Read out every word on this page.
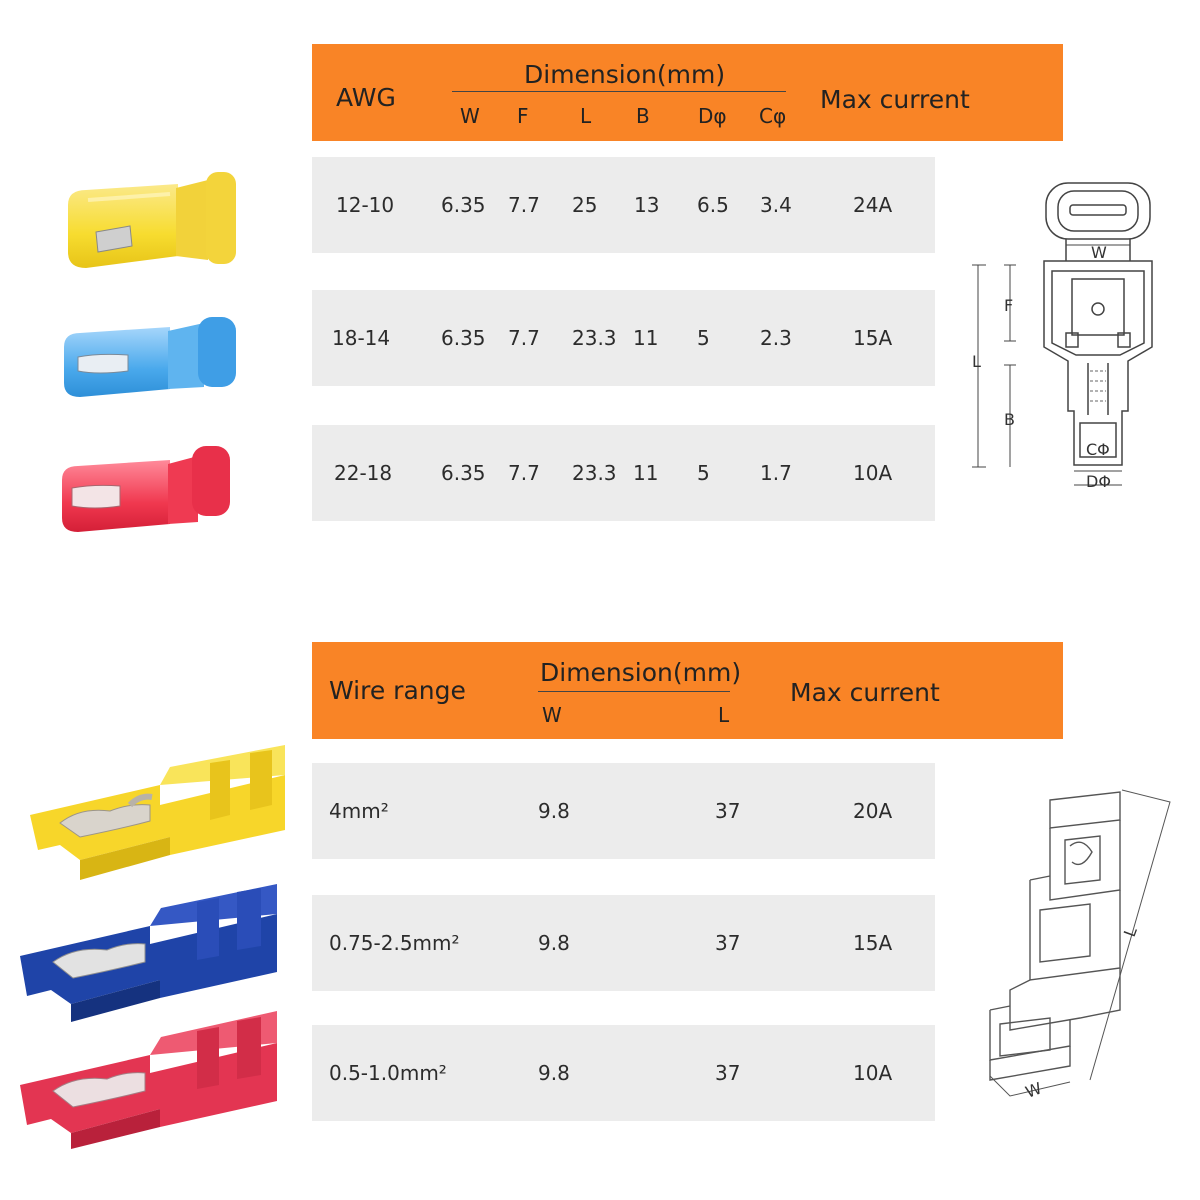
AWG
Dimension(mm)
W F	L B Dφ Cφ
Max current
12-10 6.35 7.7 25 13 6.5 3.4	24A
18-14	6.35 7.7 23.3 11 5	2.3	15A
22-18 6.35 7.7 23.3 11 5	1.7	10A
W
F
L
B
CΦ
DΦ
Wire range
Dimension(mm)
W	L
Max current
4mm²	9.8	37	20A
0.75-2.5mm²	9.8	37	15A
0.5-1.0mm²	9.8	37	10A
L
W
